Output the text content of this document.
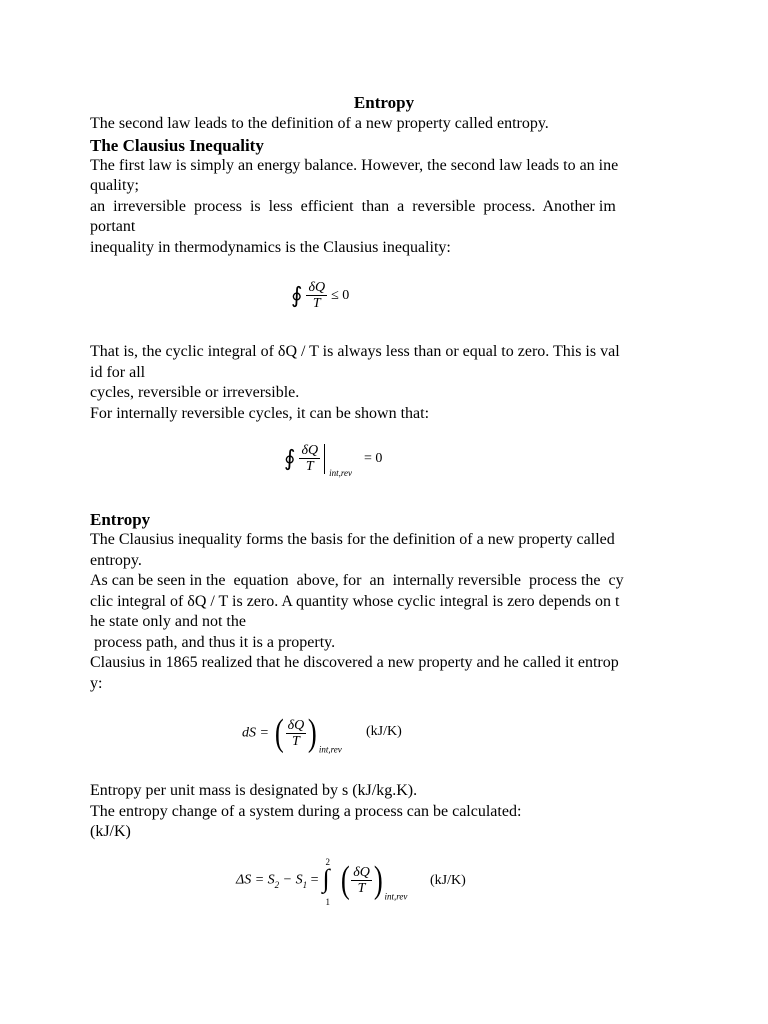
Entropy
The second law leads to the definition of a new property called entropy.
The Clausius Inequality
The first law is simply an energy balance. However, the second law leads to an ine
quality;
an  irreversible  process  is  less  efficient  than  a  reversible  process.  Another im
portant
inequality in thermodynamics is the Clausius inequality:
∮ $\frac{\delta Q}{T} \le 0$
That is, the cyclic integral of δQ / T is always less than or equal to zero. This is val
id for all
cycles, reversible or irreversible.
For internally reversible cycles, it can be shown that:
∮ $\frac{\delta Q}{T} _{int,rev} = 0$
Entropy
The Clausius inequality forms the basis for the definition of a new property called
entropy.
As can be seen in the  equation  above, for  an  internally reversible  process the  cy
clic integral of δQ / T is zero. A quantity whose cyclic integral is zero depends on t
he state only and not the
process path, and thus it is a property.
Clausius in 1865 realized that he discovered a new property and he called it entrop
y:
dS = ( $\frac{\delta Q}{T}$ ) $_{int,rev}$
(kJ/K)
Entropy per unit mass is designated by s (kJ/kg.K).
The entropy change of a system during a process can be calculated:
(kJ/K)
$\Delta S = S_2 - S_1$ =
2
∫
1
( $\frac{\delta Q}{T}$ ) $_{int,rev}$
(kJ/K)
